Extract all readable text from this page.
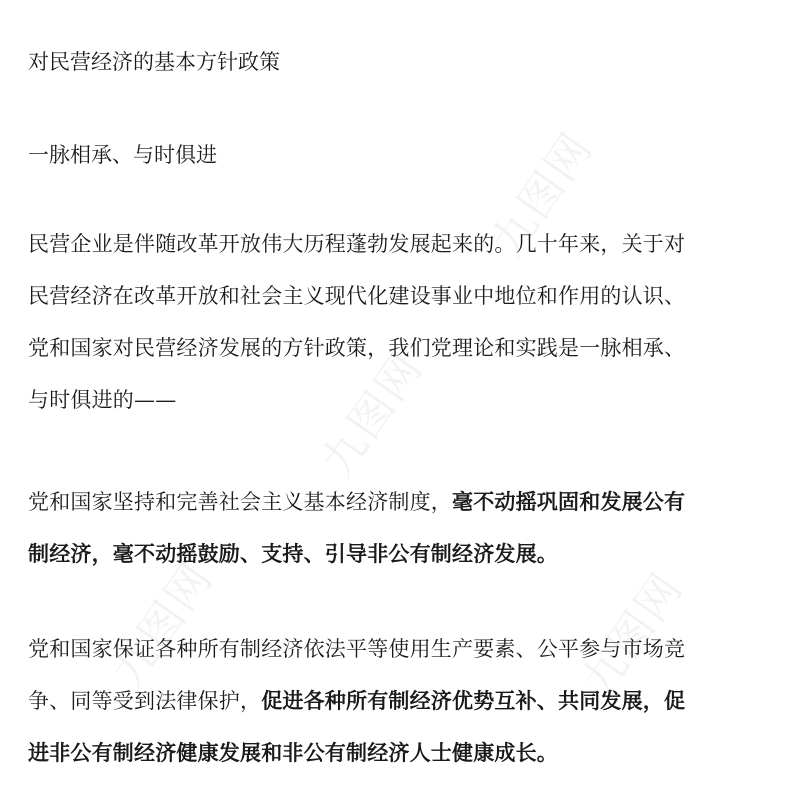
九图网
九图网
九图网
九图网
对民营经济的基本方针政策
一脉相承、与时俱进
民营企业是伴随改革开放伟大历程蓬勃发展起来的。几十年来，关于对
民营经济在改革开放和社会主义现代化建设事业中地位和作用的认识、
党和国家对民营经济发展的方针政策，我们党理论和实践是一脉相承、
与时俱进的——
党和国家坚持和完善社会主义基本经济制度，毫不动摇巩固和发展公有
制经济，毫不动摇鼓励、支持、引导非公有制经济发展。
党和国家保证各种所有制经济依法平等使用生产要素、公平参与市场竞
争、同等受到法律保护，促进各种所有制经济优势互补、共同发展，促
进非公有制经济健康发展和非公有制经济人士健康成长。
